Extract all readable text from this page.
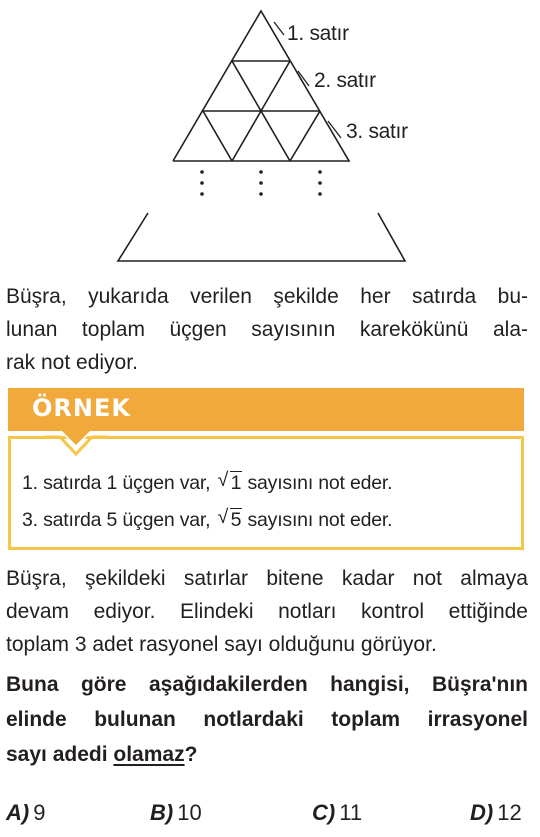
1. satır
2. satır
3. satır
Büşra, yukarıda verilen şekilde her satırda bu-
lunan toplam üçgen sayısının karekökünü ala-
rak not ediyor.
ÖRNEK
1. satırda 1 üçgen var, √ 1 sayısını not eder.
3. satırda 5 üçgen var, √ 5 sayısını not eder.
Büşra, şekildeki satırlar bitene kadar not almaya
devam ediyor. Elindeki notları kontrol ettiğinde
toplam 3 adet rasyonel sayı olduğunu görüyor.
Buna göre aşağıdakilerden hangisi, Büşra'nın
elinde bulunan notlardaki toplam irrasyonel
sayı adedi olamaz?
A) 9	B) 10	C) 11	D) 12
